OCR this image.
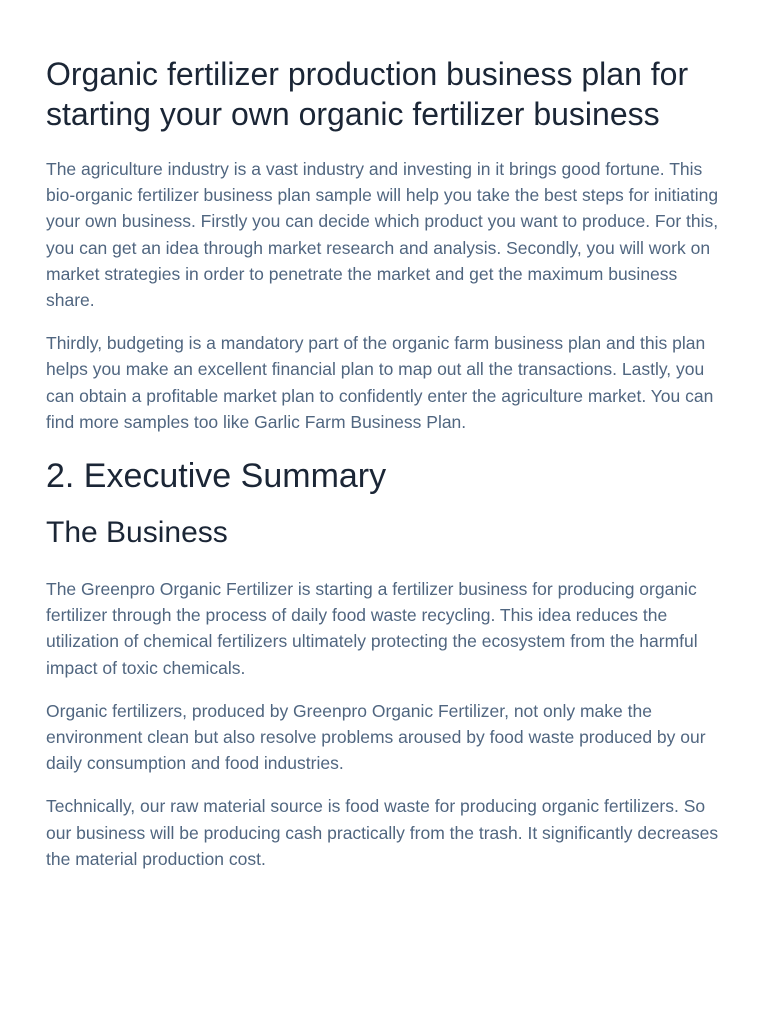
Organic fertilizer production business plan for starting your own organic fertilizer business

The agriculture industry is a vast industry and investing in it brings good fortune. This bio-organic fertilizer business plan sample will help you take the best steps for initiating your own business. Firstly you can decide which product you want to produce. For this, you can get an idea through market research and analysis. Secondly, you will work on market strategies in order to penetrate the market and get the maximum business share.

Thirdly, budgeting is a mandatory part of the organic farm business plan and this plan helps you make an excellent financial plan to map out all the transactions. Lastly, you can obtain a profitable market plan to confidently enter the agriculture market. You can find more samples too like Garlic Farm Business Plan.

2. Executive Summary
The Business

The Greenpro Organic Fertilizer is starting a fertilizer business for producing organic fertilizer through the process of daily food waste recycling. This idea reduces the utilization of chemical fertilizers ultimately protecting the ecosystem from the harmful impact of toxic chemicals.

Organic fertilizers, produced by Greenpro Organic Fertilizer, not only make the environment clean but also resolve problems aroused by food waste produced by our daily consumption and food industries.

Technically, our raw material source is food waste for producing organic fertilizers. So our business will be producing cash practically from the trash. It significantly decreases the material production cost.
